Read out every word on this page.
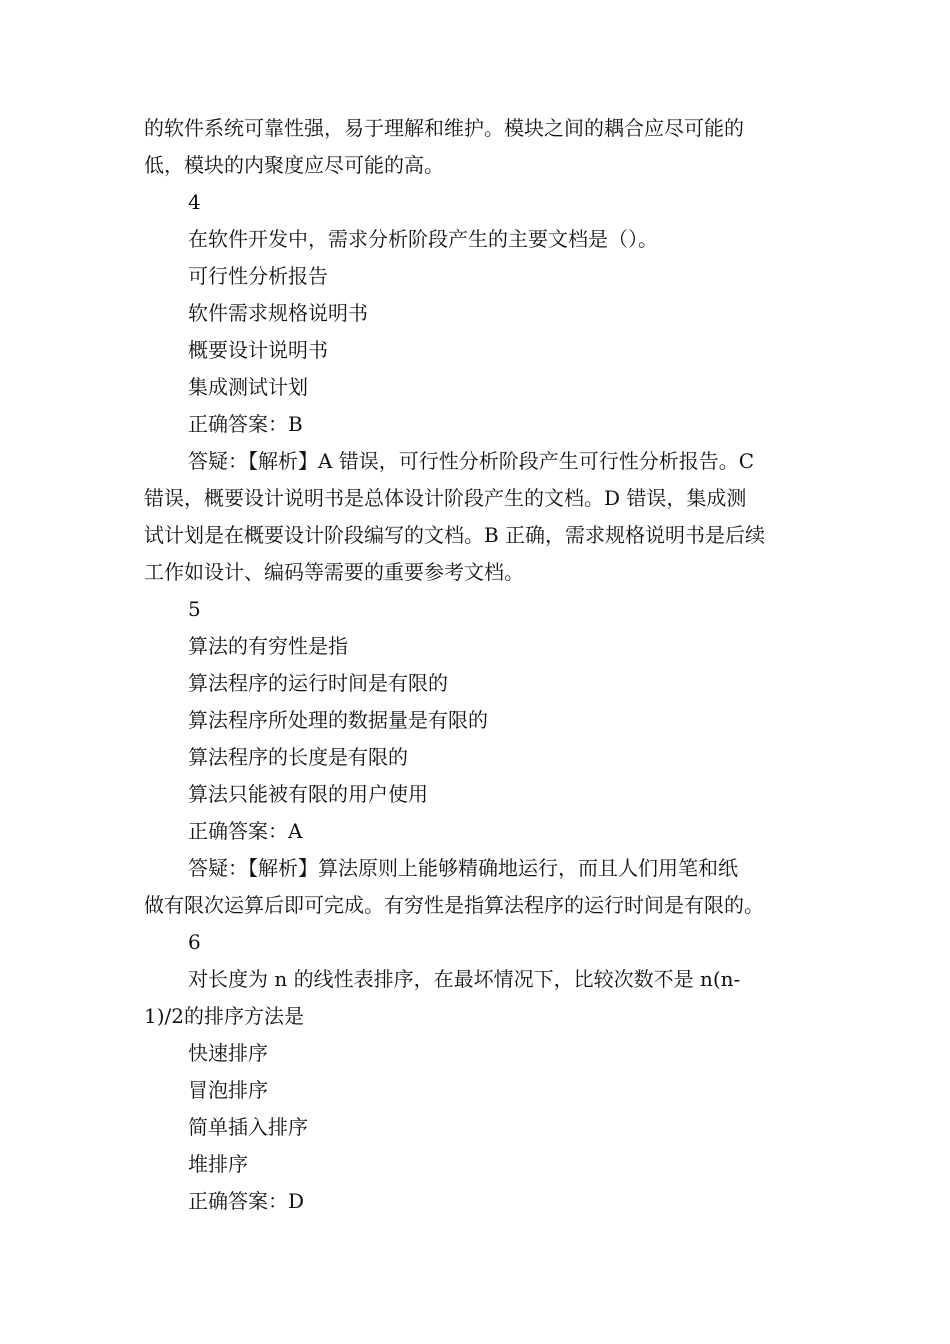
的软件系统可靠性强，易于理解和维护。模块之间的耦合应尽可能的

低，模块的内聚度应尽可能的高。

4

在软件开发中，需求分析阶段产生的主要文档是（）。

可行性分析报告

软件需求规格说明书

概要设计说明书

集成测试计划

正确答案：B

答疑：【解析】A 错误，可行性分析阶段产生可行性分析报告。C

错误，概要设计说明书是总体设计阶段产生的文档。D 错误，集成测

试计划是在概要设计阶段编写的文档。B 正确，需求规格说明书是后续

工作如设计、编码等需要的重要参考文档。

5

算法的有穷性是指

算法程序的运行时间是有限的

算法程序所处理的数据量是有限的

算法程序的长度是有限的

算法只能被有限的用户使用

正确答案：A

答疑：【解析】算法原则上能够精确地运行，而且人们用笔和纸

做有限次运算后即可完成。有穷性是指算法程序的运行时间是有限的。

6

对长度为 n 的线性表排序，在最坏情况下，比较次数不是 n(n-

1)/2的排序方法是

快速排序

冒泡排序

简单插入排序

堆排序

正确答案：D
